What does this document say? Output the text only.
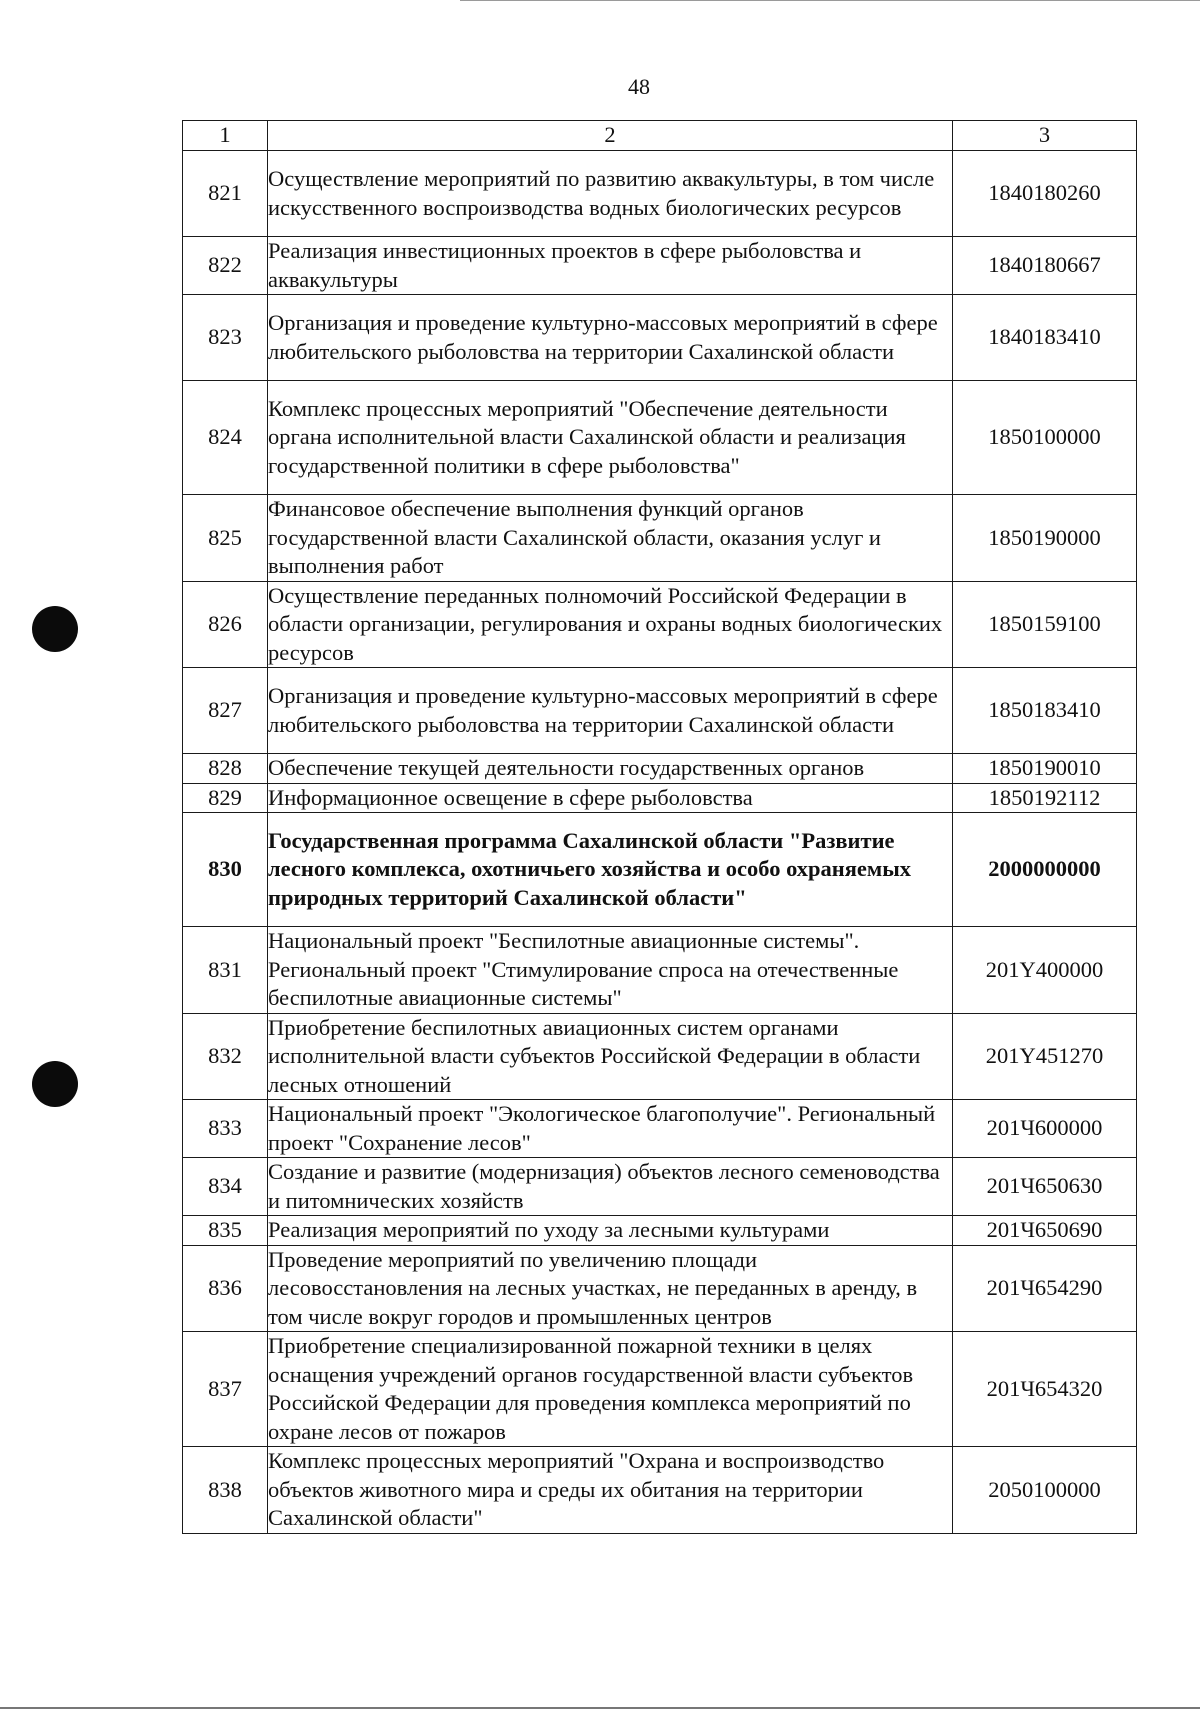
48
1	2	3
821	Осуществление мероприятий по развитию аквакультуры, в том числе искусственного воспроизводства водных биологических ресурсов	1840180260
822	Реализация инвестиционных проектов в сфере рыболовства и аквакультуры	1840180667
823	Организация и проведение культурно-массовых мероприятий в сфере любительского рыболовства на территории Сахалинской области	1840183410
824	Комплекс процессных мероприятий "Обеспечение деятельности органа исполнительной власти Сахалинской области и реализация государственной политики в сфере рыболовства"	1850100000
825	Финансовое обеспечение выполнения функций органов государственной власти Сахалинской области, оказания услуг и выполнения работ	1850190000
826	Осуществление переданных полномочий Российской Федерации в области организации, регулирования и охраны водных биологических ресурсов	1850159100
827	Организация и проведение культурно-массовых мероприятий в сфере любительского рыболовства на территории Сахалинской области	1850183410
828	Обеспечение текущей деятельности государственных органов	1850190010
829	Информационное освещение в сфере рыболовства	1850192112
830	Государственная программа Сахалинской области "Развитие лесного комплекса, охотничьего хозяйства и особо охраняемых природных территорий Сахалинской области"	2000000000
831	Национальный проект "Беспилотные авиационные системы". Региональный проект "Стимулирование спроса на отечественные беспилотные авиационные системы"	201Y400000
832	Приобретение беспилотных авиационных систем органами исполнительной власти субъектов Российской Федерации в области лесных отношений	201Y451270
833	Национальный проект "Экологическое благополучие". Региональный проект "Сохранение лесов"	201Ч600000
834	Создание и развитие (модернизация) объектов лесного семеноводства и питомнических хозяйств	201Ч650630
835	Реализация мероприятий по уходу за лесными культурами	201Ч650690
836	Проведение мероприятий по увеличению площади лесовосстановления на лесных участках, не переданных в аренду, в том числе вокруг городов и промышленных центров	201Ч654290
837	Приобретение специализированной пожарной техники в целях оснащения учреждений органов государственной власти субъектов Российской Федерации для проведения комплекса мероприятий по охране лесов от пожаров	201Ч654320
838	Комплекс процессных мероприятий "Охрана и воспроизводство объектов животного мира и среды их обитания на территории Сахалинской области"	2050100000
